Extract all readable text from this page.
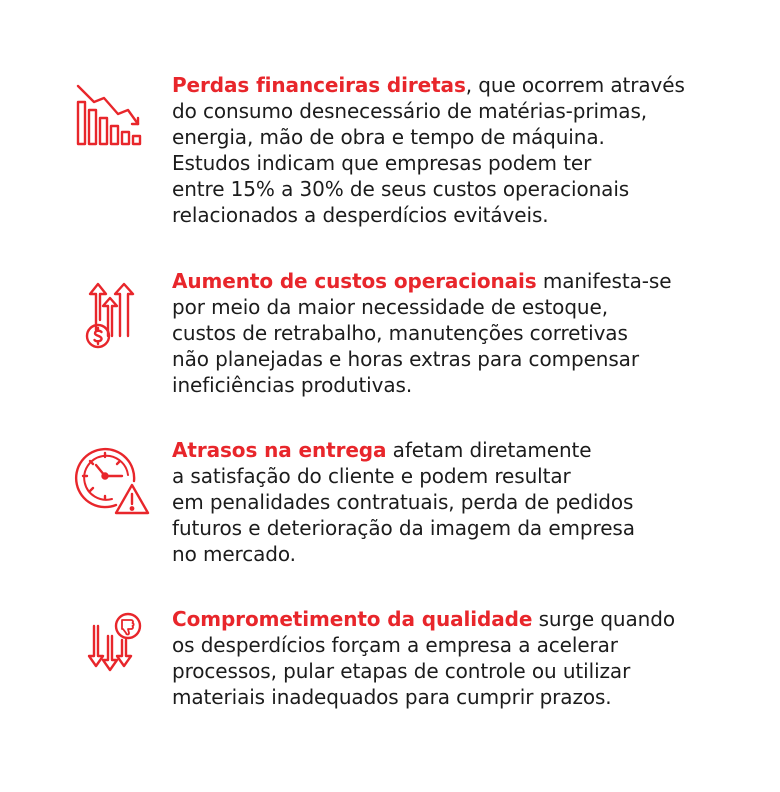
Perdas financeiras diretas, que ocorrem através
do consumo desnecessário de matérias-primas,
energia, mão de obra e tempo de máquina.
Estudos indicam que empresas podem ter
entre 15% a 30% de seus custos operacionais
relacionados a desperdícios evitáveis.
Aumento de custos operacionais manifesta-se
por meio da maior necessidade de estoque,
custos de retrabalho, manutenções corretivas
não planejadas e horas extras para compensar
ineficiências produtivas.
Atrasos na entrega afetam diretamente
a satisfação do cliente e podem resultar
em penalidades contratuais, perda de pedidos
futuros e deterioração da imagem da empresa
no mercado.
Comprometimento da qualidade surge quando
os desperdícios forçam a empresa a acelerar
processos, pular etapas de controle ou utilizar
materiais inadequados para cumprir prazos.
